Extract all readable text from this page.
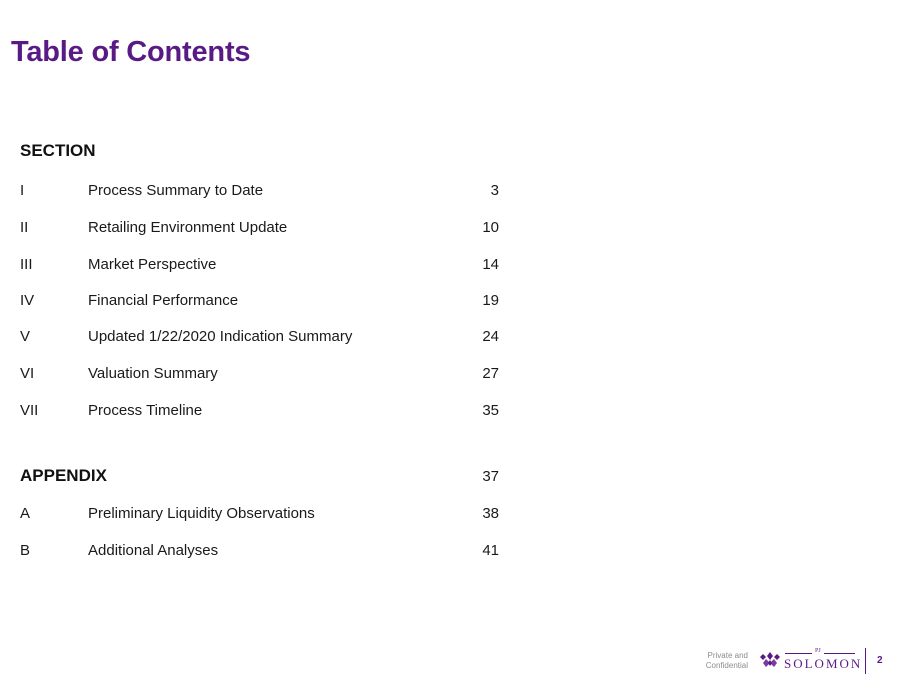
Table of Contents
SECTION
I	Process Summary to Date	3
II	Retailing Environment Update	10
III	Market Perspective	14
IV	Financial Performance	19
V	Updated 1/22/2020 Indication Summary	24
VI	Valuation Summary	27
VII	Process Timeline	35
APPENDIX	37
A	Preliminary Liquidity Observations	38
B	Additional Analyses	41
Private and
Confidential
PJ
SOLOMON 2
